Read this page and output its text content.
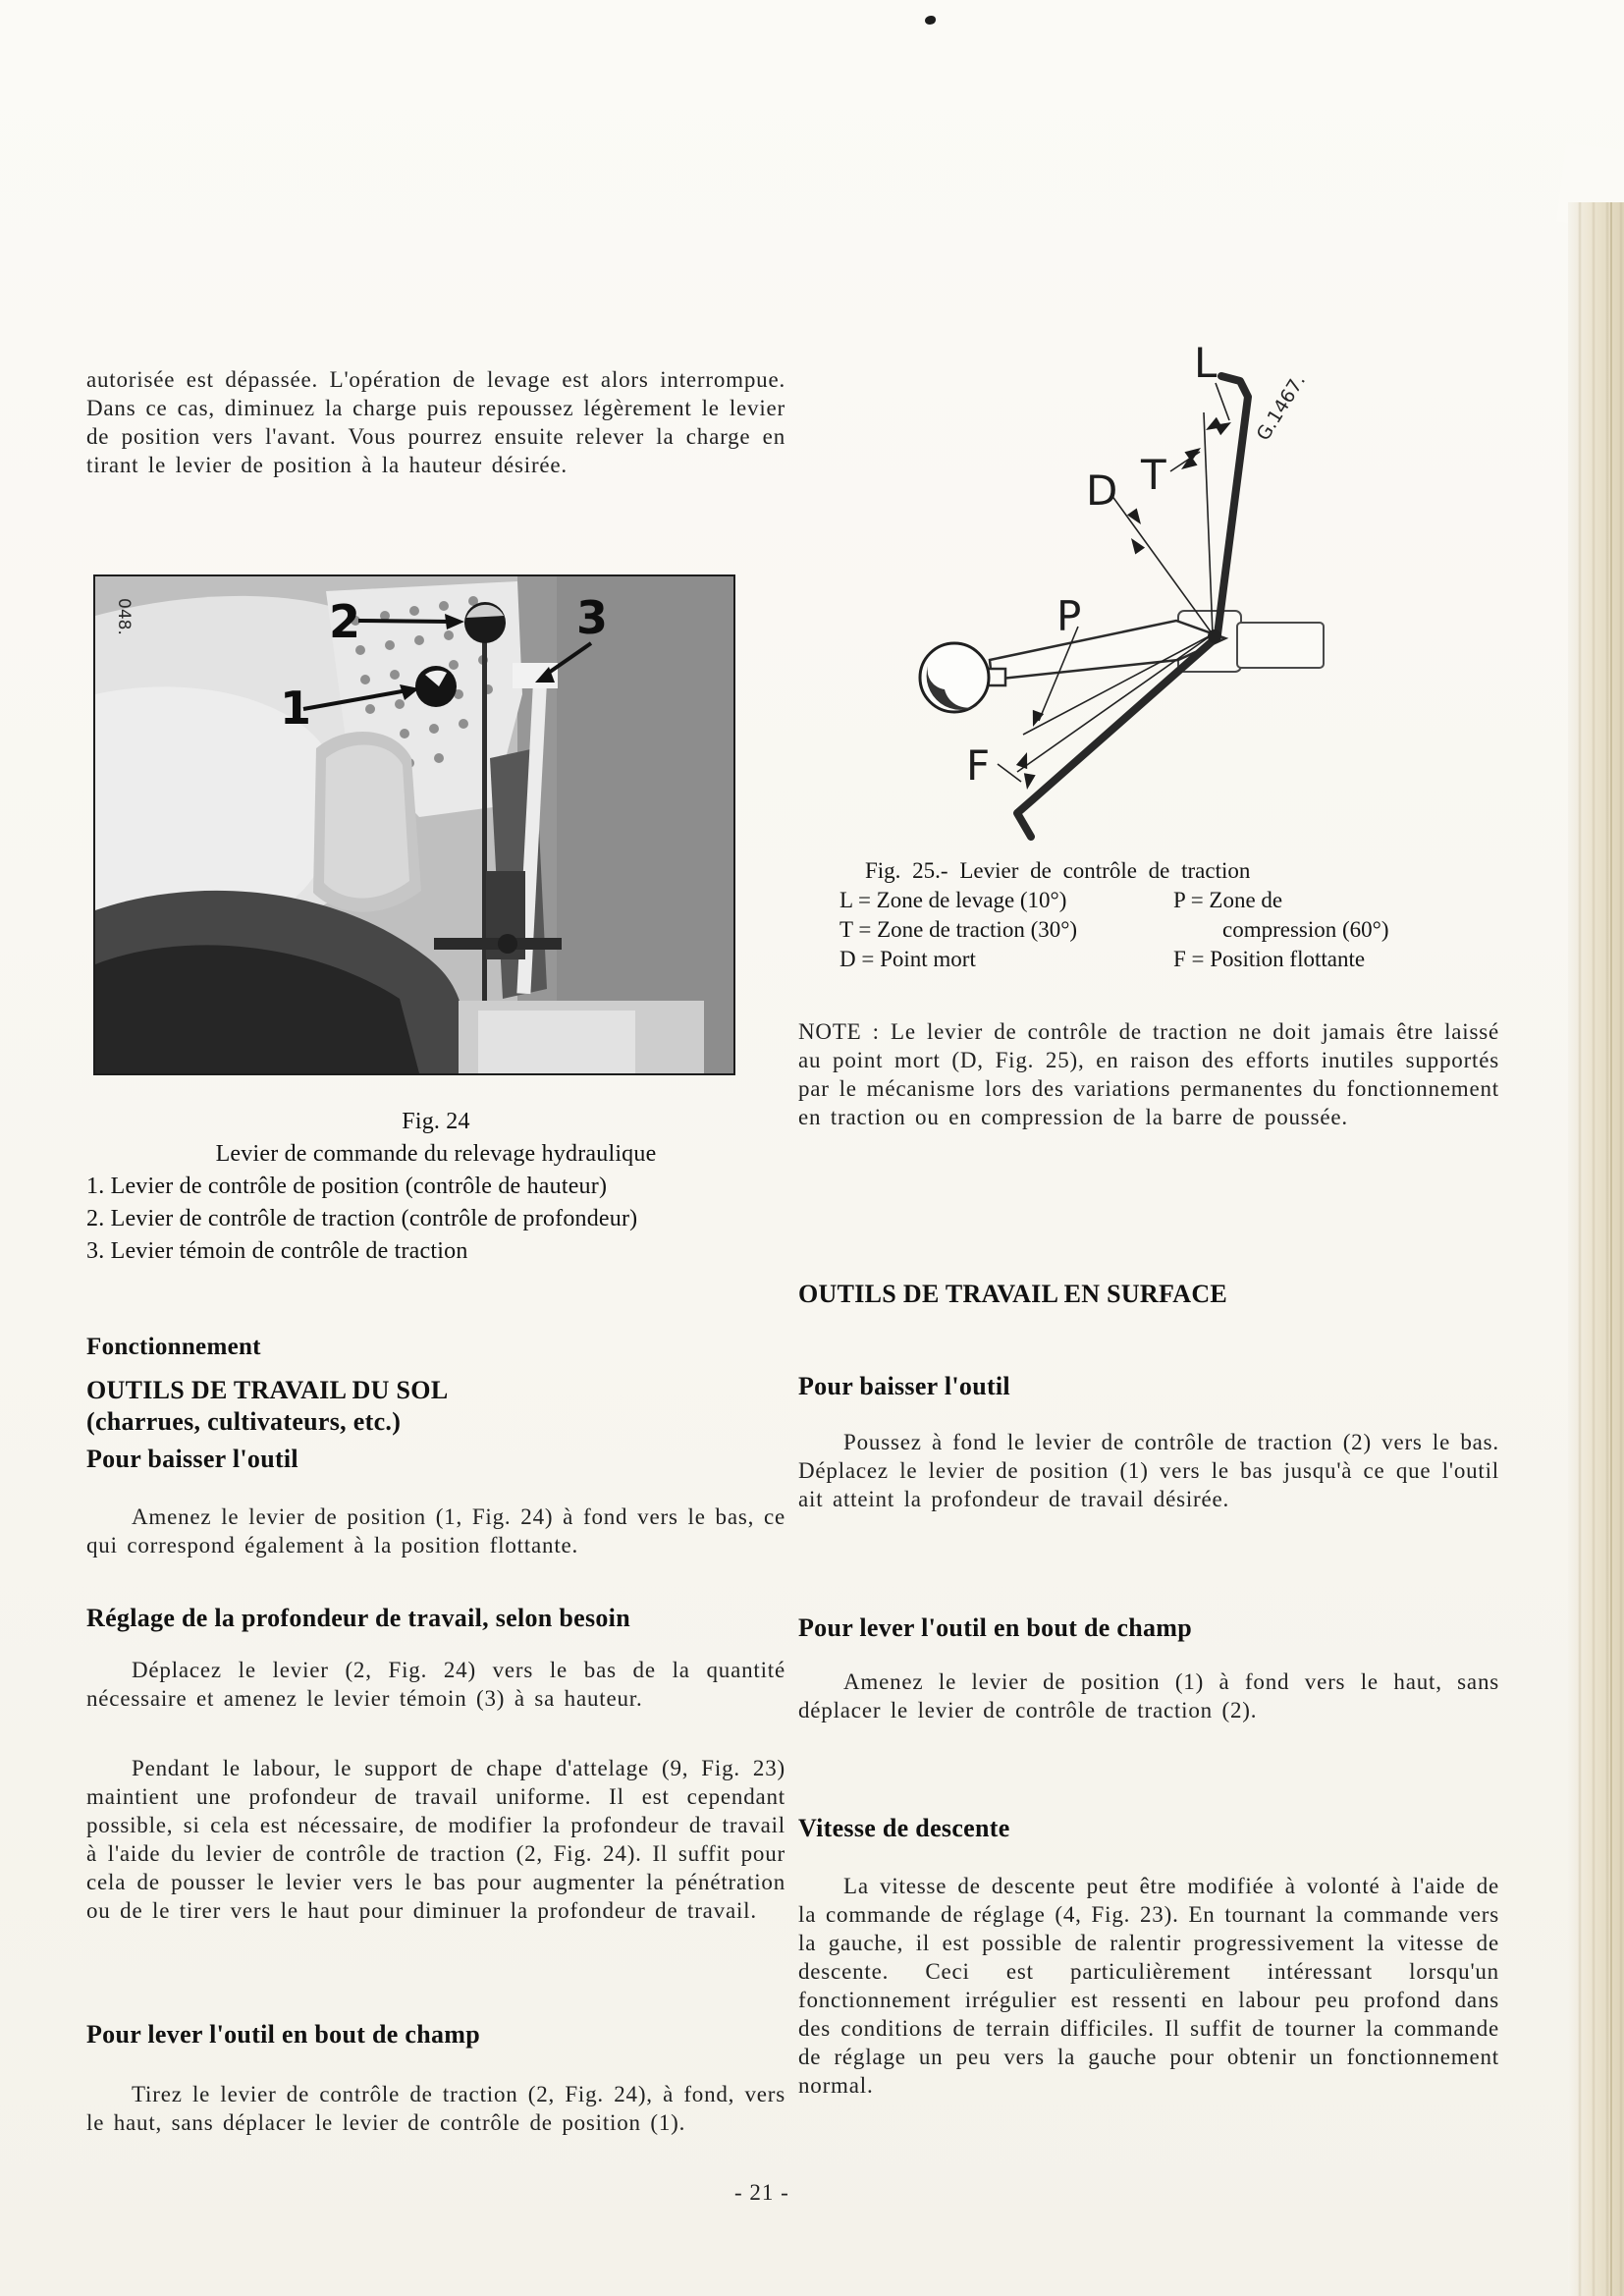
autorisée est dépassée. L'opération de levage est alors interrompue. Dans ce cas, diminuez la charge puis repoussez légèrement le levier de position vers l'avant. Vous pourrez ensuite relever la charge en tirant le levier de position à la hauteur désirée.
2
1
3
048.
Fig. 24
Levier de commande du relevage hydraulique
1. Levier de contrôle de position (contrôle de hauteur)
2. Levier de contrôle de traction (contrôle de profondeur)
3. Levier témoin de contrôle de traction
Fonctionnement
OUTILS DE TRAVAIL DU SOL
(charrues, cultivateurs, etc.)
Pour baisser l'outil
Amenez le levier de position (1, Fig. 24) à fond vers le bas, ce qui correspond également à la position flottante.
Réglage de la profondeur de travail, selon besoin
Déplacez le levier (2, Fig. 24) vers le bas de la quantité nécessaire et amenez le levier témoin (3) à sa hauteur.
Pendant le labour, le support de chape d'attelage (9, Fig. 23) maintient une profondeur de travail uniforme. Il est cependant possible, si cela est nécessaire, de modifier la profondeur de travail à l'aide du levier de contrôle de traction (2, Fig. 24). Il suffit pour cela de pousser le levier vers le bas pour augmenter la pénétration ou de le tirer vers le haut pour diminuer la profondeur de travail.
Pour lever l'outil en bout de champ
Tirez le levier de contrôle de traction (2, Fig. 24), à fond, vers le haut, sans déplacer le levier de contrôle de position (1).
- 21 -
L
T
D
P
F
G.1467.
Fig. 25.- Levier de contrôle de traction
L = Zone de levage (10°)	P = Zone de
T = Zone de traction (30°)	compression (60°)
D = Point mort	F = Position flottante
NOTE : Le levier de contrôle de traction ne doit jamais être laissé au point mort (D, Fig. 25), en raison des efforts inutiles supportés par le mécanisme lors des variations permanentes du fonctionnement en traction ou en compression de la barre de poussée.
OUTILS DE TRAVAIL EN SURFACE
Pour baisser l'outil
Poussez à fond le levier de contrôle de traction (2) vers le bas. Déplacez le levier de position (1) vers le bas jusqu'à ce que l'outil ait atteint la profondeur de travail désirée.
Pour lever l'outil en bout de champ
Amenez le levier de position (1) à fond vers le haut, sans déplacer le levier de contrôle de traction (2).
Vitesse de descente
La vitesse de descente peut être modifiée à volonté à l'aide de la commande de réglage (4, Fig. 23). En tournant la commande vers la gauche, il est possible de ralentir progressivement la vitesse de descente. Ceci est particulièrement intéressant lorsqu'un fonctionnement irrégulier est ressenti en labour peu profond dans des conditions de terrain difficiles. Il suffit de tourner la commande de réglage un peu vers la gauche pour obtenir un fonctionnement normal.
